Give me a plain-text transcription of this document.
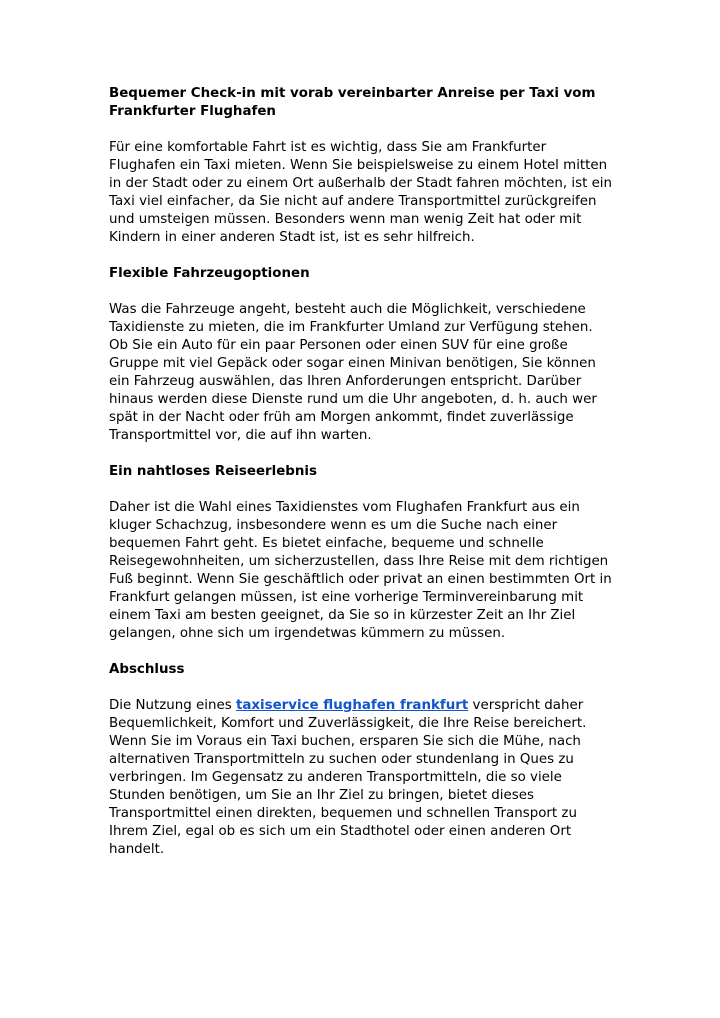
Bequemer Check-in mit vorab vereinbarter Anreise per Taxi vom
Frankfurter Flughafen
Für eine komfortable Fahrt ist es wichtig, dass Sie am Frankfurter
Flughafen ein Taxi mieten. Wenn Sie beispielsweise zu einem Hotel mitten
in der Stadt oder zu einem Ort außerhalb der Stadt fahren möchten, ist ein
Taxi viel einfacher, da Sie nicht auf andere Transportmittel zurückgreifen
und umsteigen müssen. Besonders wenn man wenig Zeit hat oder mit
Kindern in einer anderen Stadt ist, ist es sehr hilfreich.
Flexible Fahrzeugoptionen
Was die Fahrzeuge angeht, besteht auch die Möglichkeit, verschiedene
Taxidienste zu mieten, die im Frankfurter Umland zur Verfügung stehen.
Ob Sie ein Auto für ein paar Personen oder einen SUV für eine große
Gruppe mit viel Gepäck oder sogar einen Minivan benötigen, Sie können
ein Fahrzeug auswählen, das Ihren Anforderungen entspricht. Darüber
hinaus werden diese Dienste rund um die Uhr angeboten, d. h. auch wer
spät in der Nacht oder früh am Morgen ankommt, findet zuverlässige
Transportmittel vor, die auf ihn warten.
Ein nahtloses Reiseerlebnis
Daher ist die Wahl eines Taxidienstes vom Flughafen Frankfurt aus ein
kluger Schachzug, insbesondere wenn es um die Suche nach einer
bequemen Fahrt geht. Es bietet einfache, bequeme und schnelle
Reisegewohnheiten, um sicherzustellen, dass Ihre Reise mit dem richtigen
Fuß beginnt. Wenn Sie geschäftlich oder privat an einen bestimmten Ort in
Frankfurt gelangen müssen, ist eine vorherige Terminvereinbarung mit
einem Taxi am besten geeignet, da Sie so in kürzester Zeit an Ihr Ziel
gelangen, ohne sich um irgendetwas kümmern zu müssen.
Abschluss
Die Nutzung eines taxiservice flughafen frankfurt verspricht daher
Bequemlichkeit, Komfort und Zuverlässigkeit, die Ihre Reise bereichert.
Wenn Sie im Voraus ein Taxi buchen, ersparen Sie sich die Mühe, nach
alternativen Transportmitteln zu suchen oder stundenlang in Ques zu
verbringen. Im Gegensatz zu anderen Transportmitteln, die so viele
Stunden benötigen, um Sie an Ihr Ziel zu bringen, bietet dieses
Transportmittel einen direkten, bequemen und schnellen Transport zu
Ihrem Ziel, egal ob es sich um ein Stadthotel oder einen anderen Ort
handelt.
